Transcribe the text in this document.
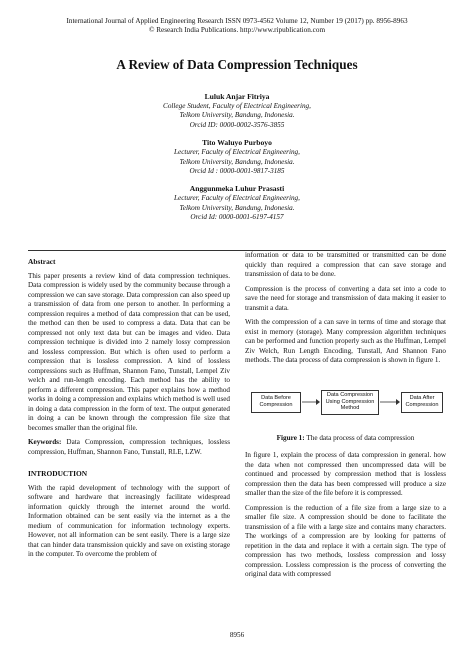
International Journal of Applied Engineering Research ISSN 0973-4562 Volume 12, Number 19 (2017) pp. 8956-8963
© Research India Publications. http://www.ripublication.com
A Review of Data Compression Techniques
Luluk Anjar Fitriya
College Student, Faculty of Electrical Engineering,
Telkom University, Bandung, Indonesia.
Orcid ID: 0000-0002-3576-3855
Tito Waluyo Purboyo
Lecturer, Faculty of Electrical Engineering,
Telkom University, Bandung, Indonesia.
Orcid Id : 0000-0001-9817-3185
Anggunmeka Luhur Prasasti
Lecturer, Faculty of Electrical Engineering,
Telkom University, Bandung, Indonesia.
Orcid Id: 0000-0001-6197-4157
Abstract

This paper presents a review kind of data compression techniques. Data compression is widely used by the community because through a compression we can save storage. Data compression can also speed up a transmission of data from one person to another. In performing a compression requires a method of data compression that can be used, the method can then be used to compress a data. Data that can be compressed not only text data but can be images and video. Data compression technique is divided into 2 namely lossy compression and lossless compression. But which is often used to perform a compression that is lossless compression. A kind of lossless compressions such as Huffman, Shannon Fano, Tunstall, Lempel Ziv welch and run-length encoding. Each method has the ability to perform a different compression. This paper explains how a method works in doing a compression and explains which method is well used in doing a data compression in the form of text. The output generated in doing a can be known through the compression file size that becomes smaller than the original file.

Keywords: Data Compression, compression techniques, lossless compression, Huffman, Shannon Fano, Tunstall, RLE, LZW.

INTRODUCTION

With the rapid development of technology with the support of software and hardware that increasingly facilitate widespread information quickly through the internet around the world. Information obtained can be sent easily via the internet as a the medium of communication for information technology experts. However, not all information can be sent easily. There is a large size that can hinder data transmission quickly and save on existing storage in the computer. To overcome the problem of

information or data to be transmitted or transmitted can be done quickly than required a compression that can save storage and transmission of data to be done.

Compression is the process of converting a data set into a code to save the need for storage and transmission of data making it easier to transmit a data.

With the compression of a can save in terms of time and storage that exist in memory (storage). Many compression algorithm techniques can be performed and function properly such as the Huffman, Lempel Ziv Welch, Run Length Encoding, Tunstall, And Shannon Fano methods. The data process of data compression is shown in figure 1.

Data Before Compression
Data Compression Using Compression Method
Data After Compression
Figure 1: The data process of data compression

In figure 1, explain the process of data compression in general. how the data when not compressed then uncompressed data will be continued and processed by compression method that is lossless compression then the data has been compressed will produce a size smaller than the size of the file before it is compressed.

Compression is the reduction of a file size from a large size to a smaller file size. A compression should be done to facilitate the transmission of a file with a large size and contains many characters. The workings of a compression are by looking for patterns of repetition in the data and replace it with a certain sign. The type of compression has two methods, lossless compression and lossy compression. Lossless compression is the process of converting the original data with compressed

8956
